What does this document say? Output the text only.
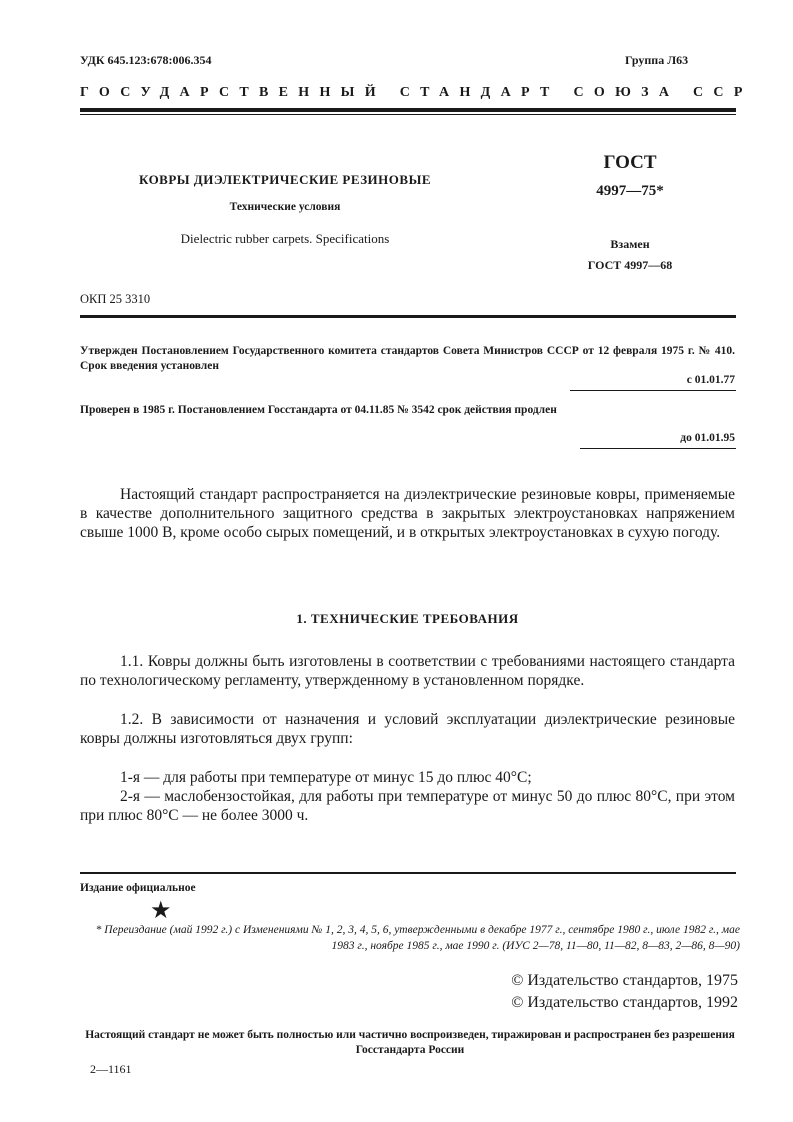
УДК 645.123:678:006.354	Группа Л63
ГОСУДАРСТВЕННЫЙ СТАНДАРТ СОЮЗА ССР
КОВРЫ ДИЭЛЕКТРИЧЕСКИЕ РЕЗИНОВЫЕ
Технические условия
Dielectric rubber carpets. Specifications
ГОСТ
4997—75*
Взамен
ГОСТ 4997—68
ОКП 25 3310
Утвержден Постановлением Государственного комитета стандартов Совета Министров СССР от 12 февраля 1975 г. № 410. Срок введения установлен
с 01.01.77
Проверен в 1985 г. Постановлением Госстандарта от 04.11.85 № 3542 срок действия продлен
до 01.01.95
Настоящий стандарт распространяется на диэлектрические резиновые ковры, применяемые в качестве дополнительного защитного средства в закрытых электроустановках напряжением свыше 1000 В, кроме особо сырых помещений, и в открытых электроустановках в сухую погоду.
1. ТЕХНИЧЕСКИЕ ТРЕБОВАНИЯ
1.1. Ковры должны быть изготовлены в соответствии с требованиями настоящего стандарта по технологическому регламенту, утвержденному в установленном порядке.
1.2. В зависимости от назначения и условий эксплуатации диэлектрические резиновые ковры должны изготовляться двух групп:
1-я — для работы при температуре от минус 15 до плюс 40°С;
2-я — маслобензостойкая, для работы при температуре от минус 50 до плюс 80°С, при этом при плюс 80°С — не более 3000 ч.
Издание официальное
★
* Переиздание (май 1992 г.) с Изменениями № 1, 2, 3, 4, 5, 6, утвержденными в декабре 1977 г., сентябре 1980 г., июле 1982 г., мае 1983 г., ноябре 1985 г., мае 1990 г. (ИУС 2—78, 11—80, 11—82, 8—83, 2—86, 8—90)
© Издательство стандартов, 1975
© Издательство стандартов, 1992
Настоящий стандарт не может быть полностью или частично воспроизведен, тиражирован и распространен без разрешения Госстандарта России
2—1161
